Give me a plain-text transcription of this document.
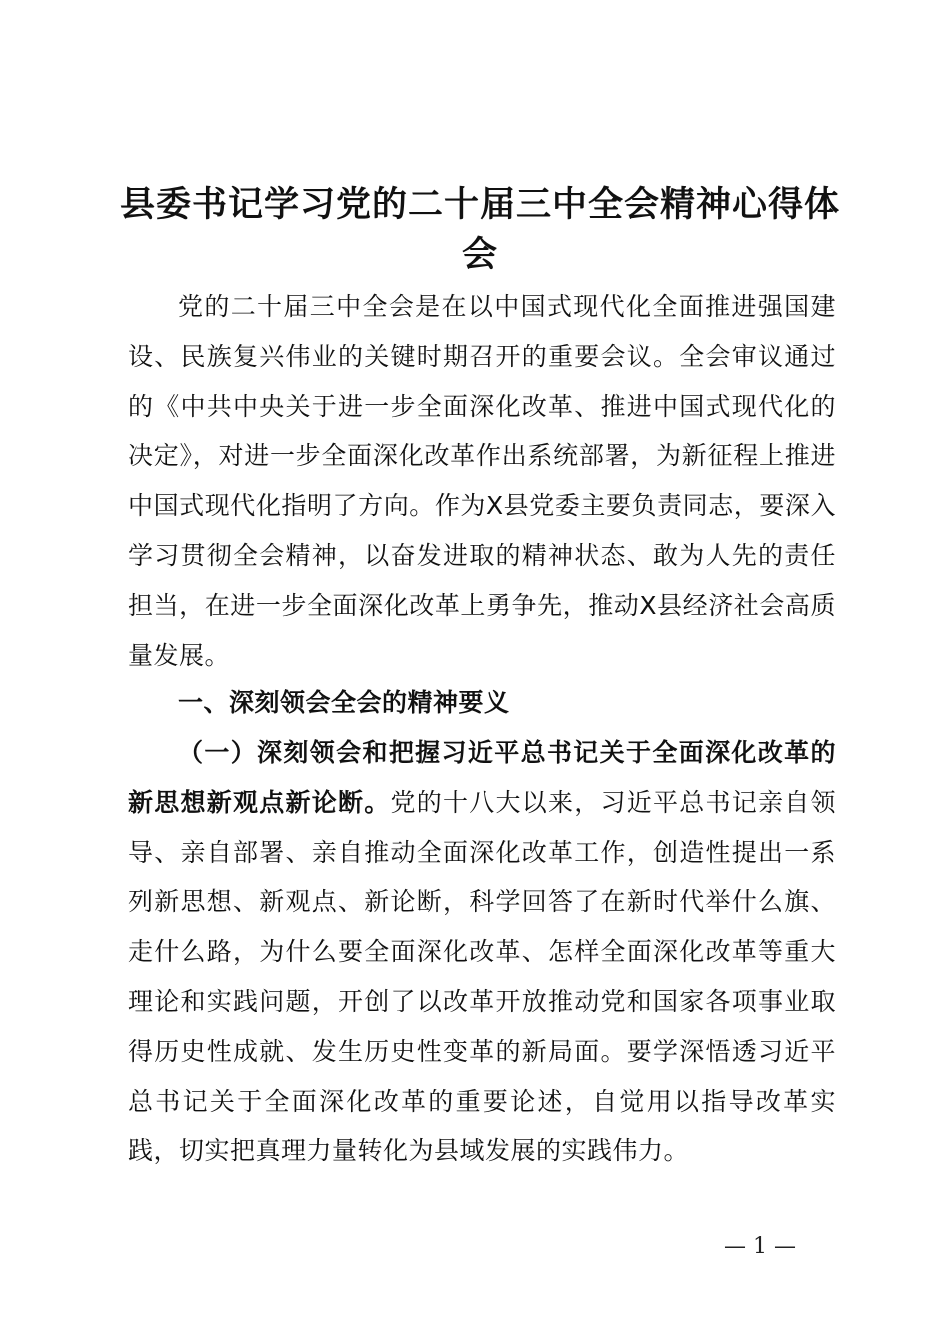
县委书记学习党的二十届三中全会精神心得体会

党的二十届三中全会是在以中国式现代化全面推进强国建设、民族复兴伟业的关键时期召开的重要会议。全会审议通过的《中共中央关于进一步全面深化改革、推进中国式现代化的决定》，对进一步全面深化改革作出系统部署，为新征程上推进中国式现代化指明了方向。作为X县党委主要负责同志，要深入学习贯彻全会精神，以奋发进取的精神状态、敢为人先的责任担当，在进一步全面深化改革上勇争先，推动X县经济社会高质量发展。

一、深刻领会全会的精神要义

（一）深刻领会和把握习近平总书记关于全面深化改革的新思想新观点新论断。党的十八大以来，习近平总书记亲自领导、亲自部署、亲自推动全面深化改革工作，创造性提出一系列新思想、新观点、新论断，科学回答了在新时代举什么旗、走什么路，为什么要全面深化改革、怎样全面深化改革等重大理论和实践问题，开创了以改革开放推动党和国家各项事业取得历史性成就、发生历史性变革的新局面。要学深悟透习近平总书记关于全面深化改革的重要论述，自觉用以指导改革实践，切实把真理力量转化为县域发展的实践伟力。

— 1 —
